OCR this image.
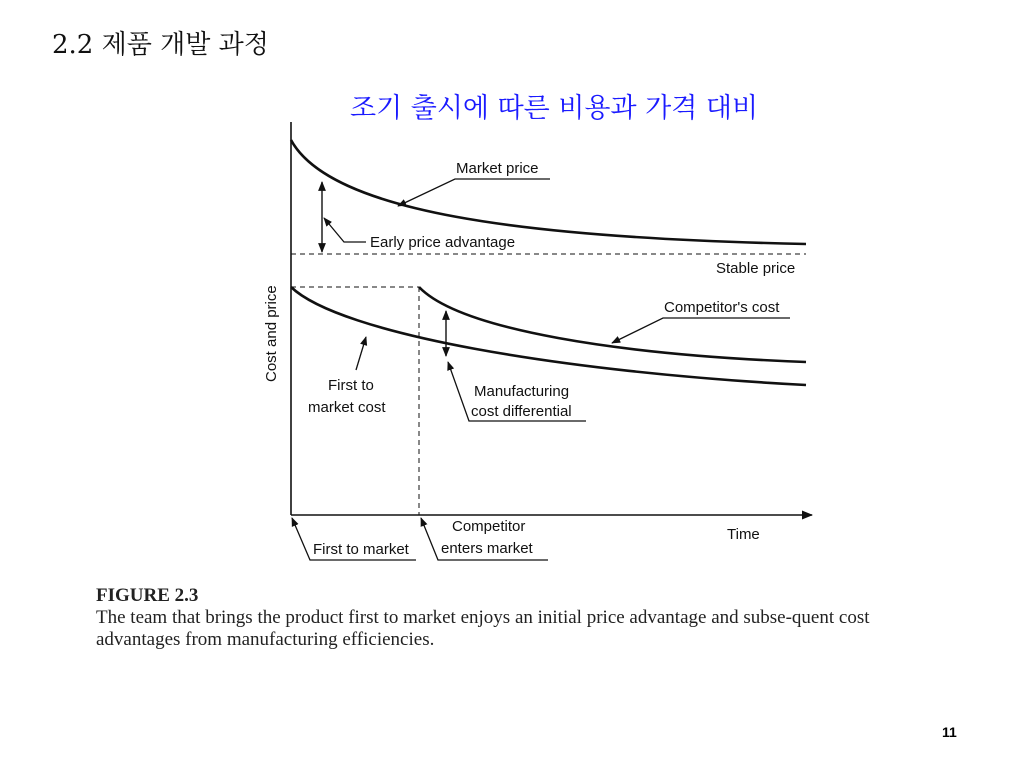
2.2 제품 개발 과정
조기 출시에 따른 비용과 가격 대비
Market price
Early price advantage
Stable price
Competitor's cost
First to
market cost
Manufacturing
cost differential
Cost and price
Time
First to market
Competitor
enters market
FIGURE 2.3
The team that brings the product first to market enjoys an initial price advantage and subse-quent cost advantages from manufacturing efficiencies.
11
